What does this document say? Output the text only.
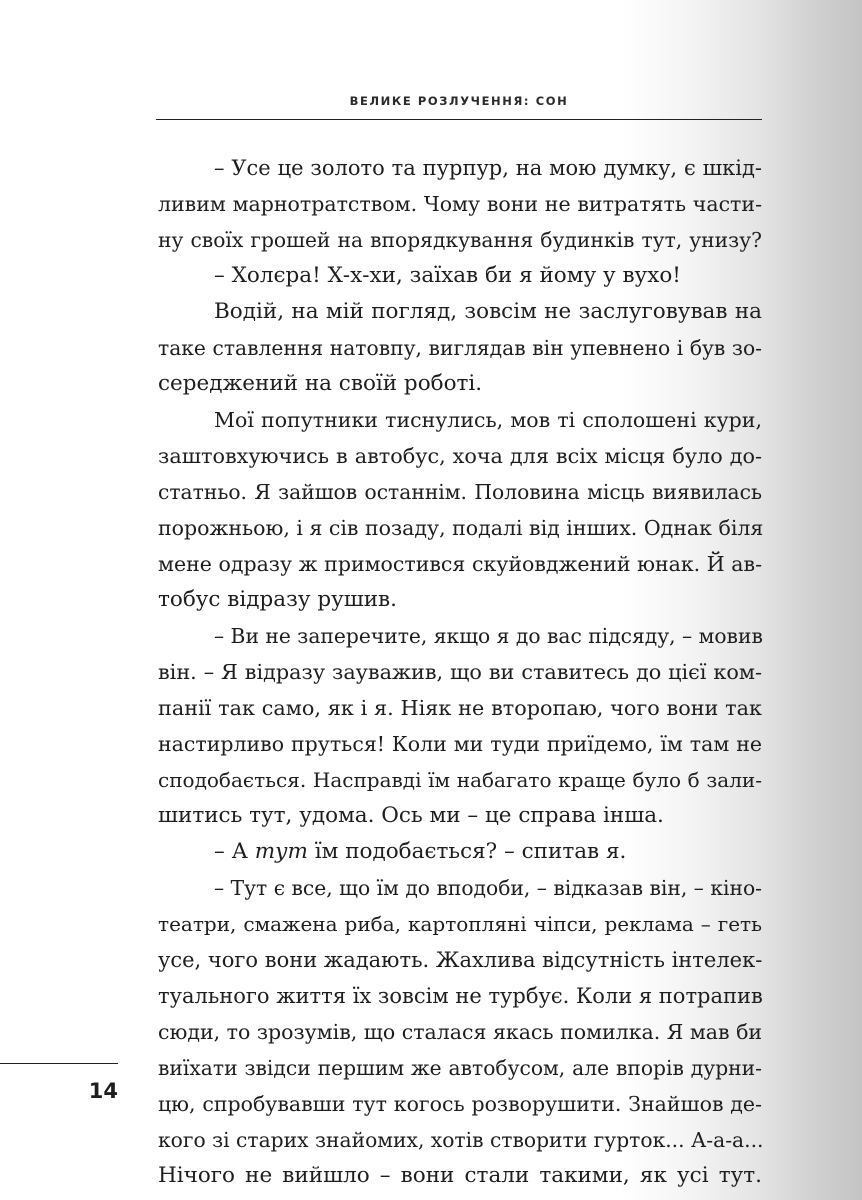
ВЕЛИКЕ РОЗЛУЧЕННЯ: СОН
– Усе це золото та пурпур, на мою думку, є шкід-
ливим марнотратством. Чому вони не витратять части-
ну своїх грошей на впорядкування будинків тут, унизу?
– Холєра! Х-х-хи, заїхав би я йому у вухо!
Водій, на мій погляд, зовсім не заслуговував на
таке ставлення натовпу, виглядав він упевнено і був зо-
середжений на своїй роботі.
Мої попутники тиснулись, мов ті сполошені кури,
заштовхуючись в автобус, хоча для всіх місця було до-
статньо. Я зайшов останнім. Половина місць виявилась
порожньою, і я сів позаду, подалі від інших. Однак біля
мене одразу ж примостився скуйовджений юнак. Й ав-
тобус відразу рушив.
– Ви не заперечите, якщо я до вас підсяду, – мовив
він. – Я відразу зауважив, що ви ставитесь до цієї ком-
панії так само, як і я. Ніяк не второпаю, чого вони так
настирливо пруться! Коли ми туди приїдемо, їм там не
сподобається. Насправді їм набагато краще було б зали-
шитись тут, удома. Ось ми – це справа інша.
– А тут їм подобається? – спитав я.
– Тут є все, що їм до вподоби, – відказав він, – кіно-
театри, смажена риба, картопляні чіпси, реклама – геть
усе, чого вони жадають. Жахлива відсутність інтелек-
туального життя їх зовсім не турбує. Коли я потрапив
сюди, то зрозумів, що сталася якась помилка. Я мав би
виїхати звідси першим же автобусом, але впорів дурни-
цю, спробувавши тут когось розворушити. Знайшов де-
кого зі старих знайомих, хотів створити гурток... А-а-а...
Нічого не вийшло – вони стали такими, як усі тут.
14
